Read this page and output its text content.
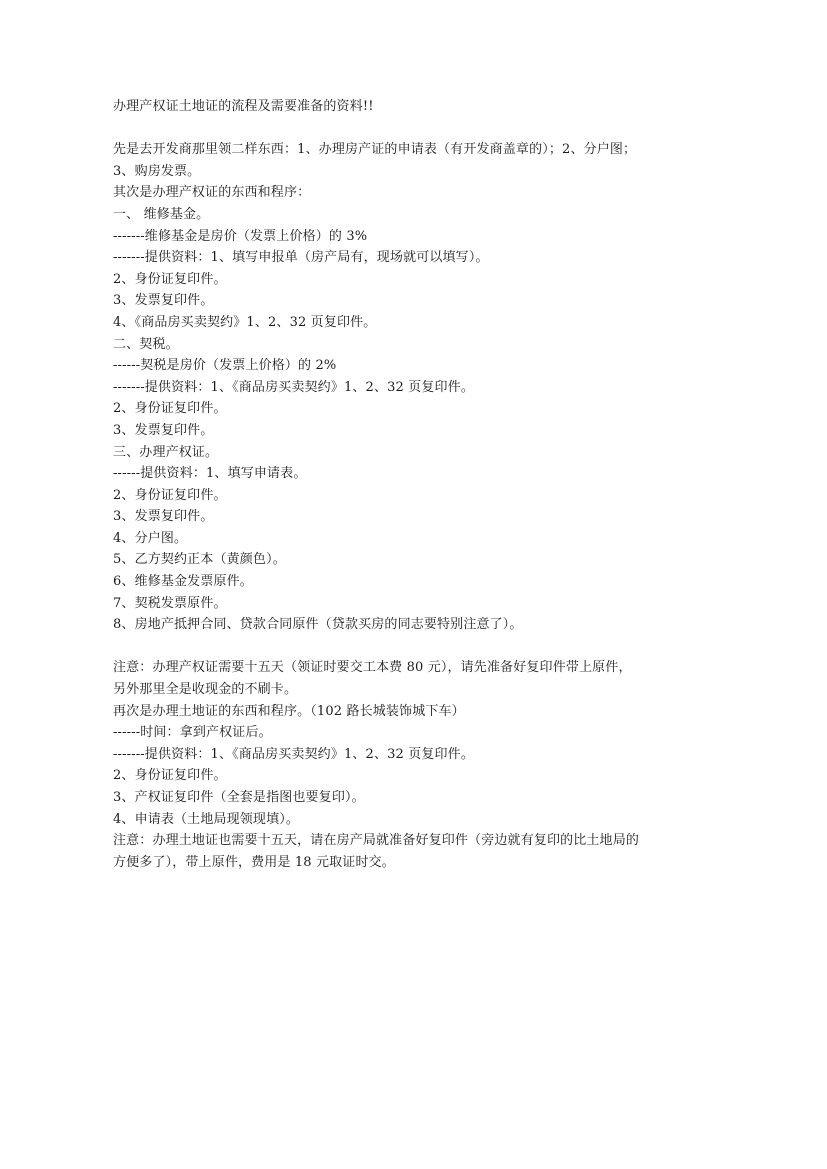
办理产权证土地证的流程及需要准备的资料!!
先是去开发商那里领二样东西：1、办理房产证的申请表（有开发商盖章的）；2、分户图；
3、购房发票。
其次是办理产权证的东西和程序：
一、 维修基金。
-------维修基金是房价（发票上价格）的 3%
-------提供资料：1、填写申报单（房产局有，现场就可以填写）。
2、身份证复印件。
3、发票复印件。
4、《商品房买卖契约》1、2、32 页复印件。
二、契税。
------契税是房价（发票上价格）的 2%
-------提供资料：1、《商品房买卖契约》1、2、32 页复印件。
2、身份证复印件。
3、发票复印件。
三、办理产权证。
------提供资料：1、填写申请表。
2、身份证复印件。
3、发票复印件。
4、分户图。
5、乙方契约正本（黄颜色）。
6、维修基金发票原件。
7、契税发票原件。
8、房地产抵押合同、贷款合同原件（贷款买房的同志要特别注意了）。
注意：办理产权证需要十五天（领证时要交工本费 80 元），请先准备好复印件带上原件，
另外那里全是收现金的不刷卡。
再次是办理土地证的东西和程序。（102 路长城装饰城下车）
------时间：拿到产权证后。
-------提供资料：1、《商品房买卖契约》1、2、32 页复印件。
2、身份证复印件。
3、产权证复印件（全套是指图也要复印）。
4、申请表（土地局现领现填）。
注意：办理土地证也需要十五天，请在房产局就准备好复印件（旁边就有复印的比土地局的
方便多了），带上原件，费用是 18 元取证时交。
